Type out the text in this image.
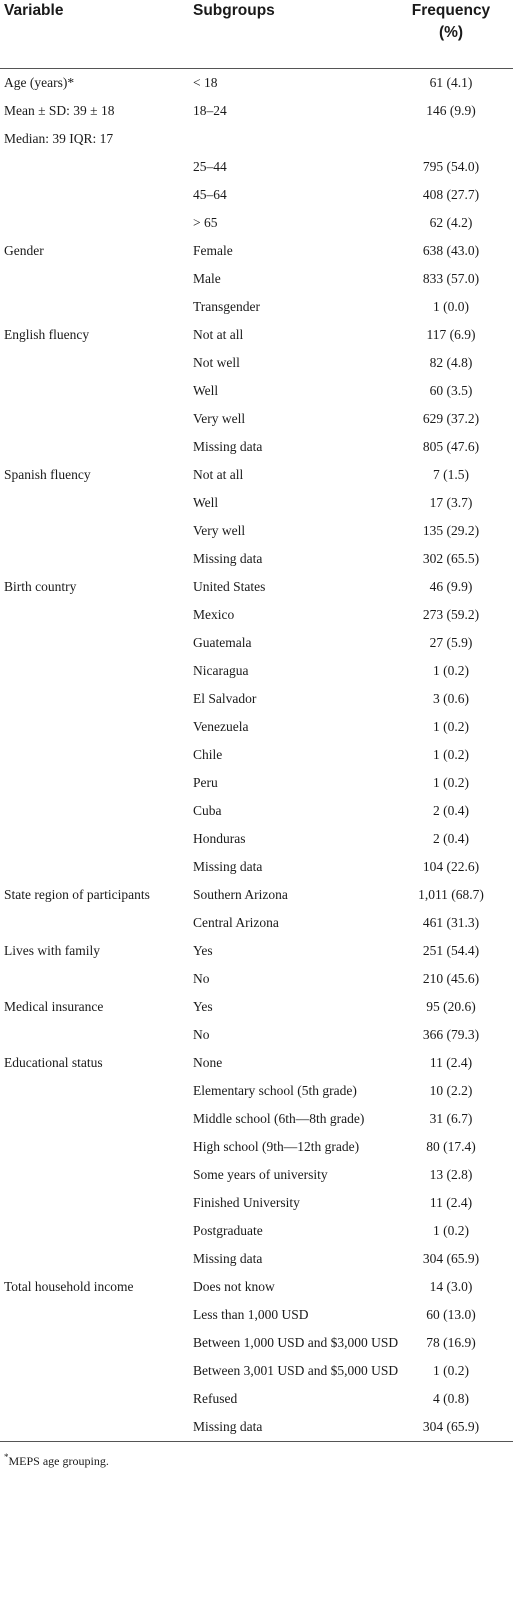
Variable	Subgroups	Frequency (%)
Age (years)*	< 18	61 (4.1)
Mean ± SD: 39 ± 18	18–24	146 (9.9)
Median: 39 IQR: 17		
	25–44	795 (54.0)
	45–64	408 (27.7)
	> 65	62 (4.2)
Gender	Female	638 (43.0)
	Male	833 (57.0)
	Transgender	1 (0.0)
English fluency	Not at all	117 (6.9)
	Not well	82 (4.8)
	Well	60 (3.5)
	Very well	629 (37.2)
	Missing data	805 (47.6)
Spanish fluency	Not at all	7 (1.5)
	Well	17 (3.7)
	Very well	135 (29.2)
	Missing data	302 (65.5)
Birth country	United States	46 (9.9)
	Mexico	273 (59.2)
	Guatemala	27 (5.9)
	Nicaragua	1 (0.2)
	El Salvador	3 (0.6)
	Venezuela	1 (0.2)
	Chile	1 (0.2)
	Peru	1 (0.2)
	Cuba	2 (0.4)
	Honduras	2 (0.4)
	Missing data	104 (22.6)
State region of participants	Southern Arizona	1,011 (68.7)
	Central Arizona	461 (31.3)
Lives with family	Yes	251 (54.4)
	No	210 (45.6)
Medical insurance	Yes	95 (20.6)
	No	366 (79.3)
Educational status	None	11 (2.4)
	Elementary school (5th grade)	10 (2.2)
	Middle school (6th—8th grade)	31 (6.7)
	High school (9th—12th grade)	80 (17.4)
	Some years of university	13 (2.8)
	Finished University	11 (2.4)
	Postgraduate	1 (0.2)
	Missing data	304 (65.9)
Total household income	Does not know	14 (3.0)
	Less than 1,000 USD	60 (13.0)
	Between 1,000 USD and $3,000 USD	78 (16.9)
	Between 3,001 USD and $5,000 USD	1 (0.2)
	Refused	4 (0.8)
	Missing data	304 (65.9)
*MEPS age grouping.
